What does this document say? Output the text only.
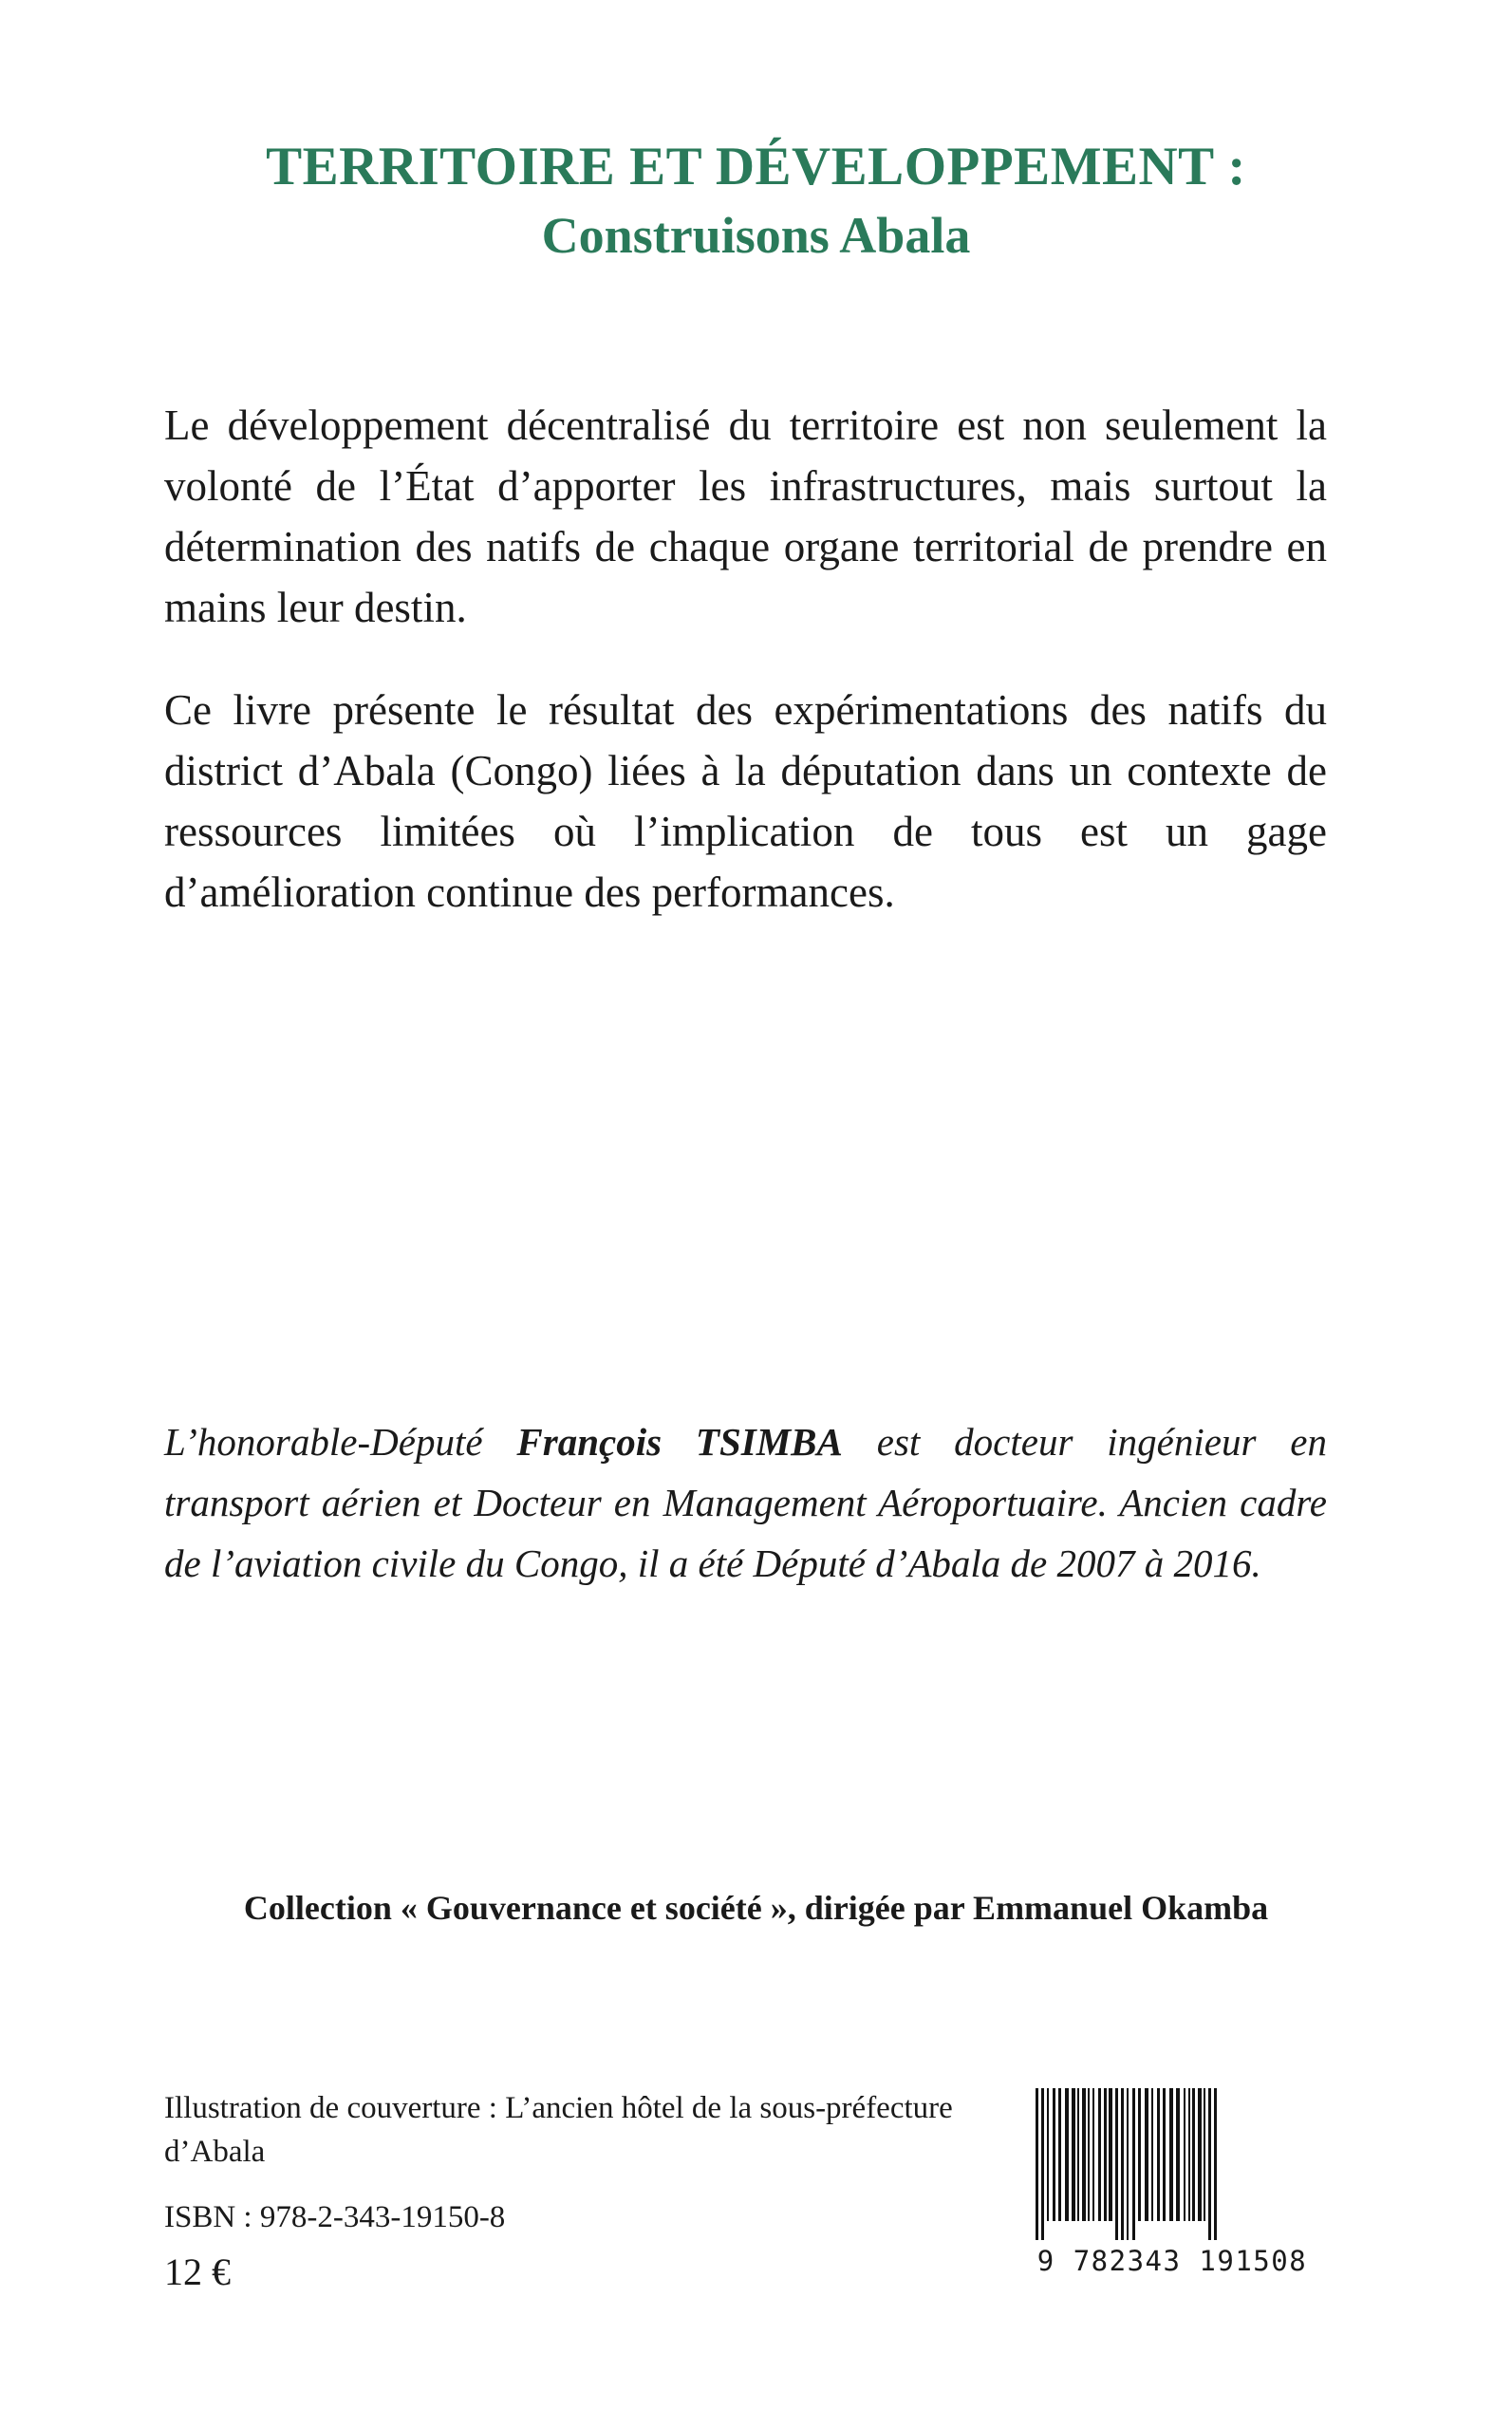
TERRITOIRE ET DÉVELOPPEMENT :
Construisons Abala
Le développement décentralisé du territoire est non seulement la volonté de l’État d’apporter les infrastructures, mais surtout la détermination des natifs de chaque organe territorial de prendre en mains leur destin.
Ce livre présente le résultat des expérimentations des natifs du district d’Abala (Congo) liées à la députation dans un contexte de ressources limitées où l’implication de tous est un gage d’amélioration continue des performances.
L’honorable-Député François TSIMBA est docteur ingénieur en transport aérien et Docteur en Management Aéroportuaire. Ancien cadre de l’aviation civile du Congo, il a été Député d’Abala de 2007 à 2016.
Collection « Gouvernance et société », dirigée par Emmanuel Okamba
Illustration de couverture : L’ancien hôtel de la sous-préfecture d’Abala
ISBN : 978-2-343-19150-8
12 €	9 782343 191508
